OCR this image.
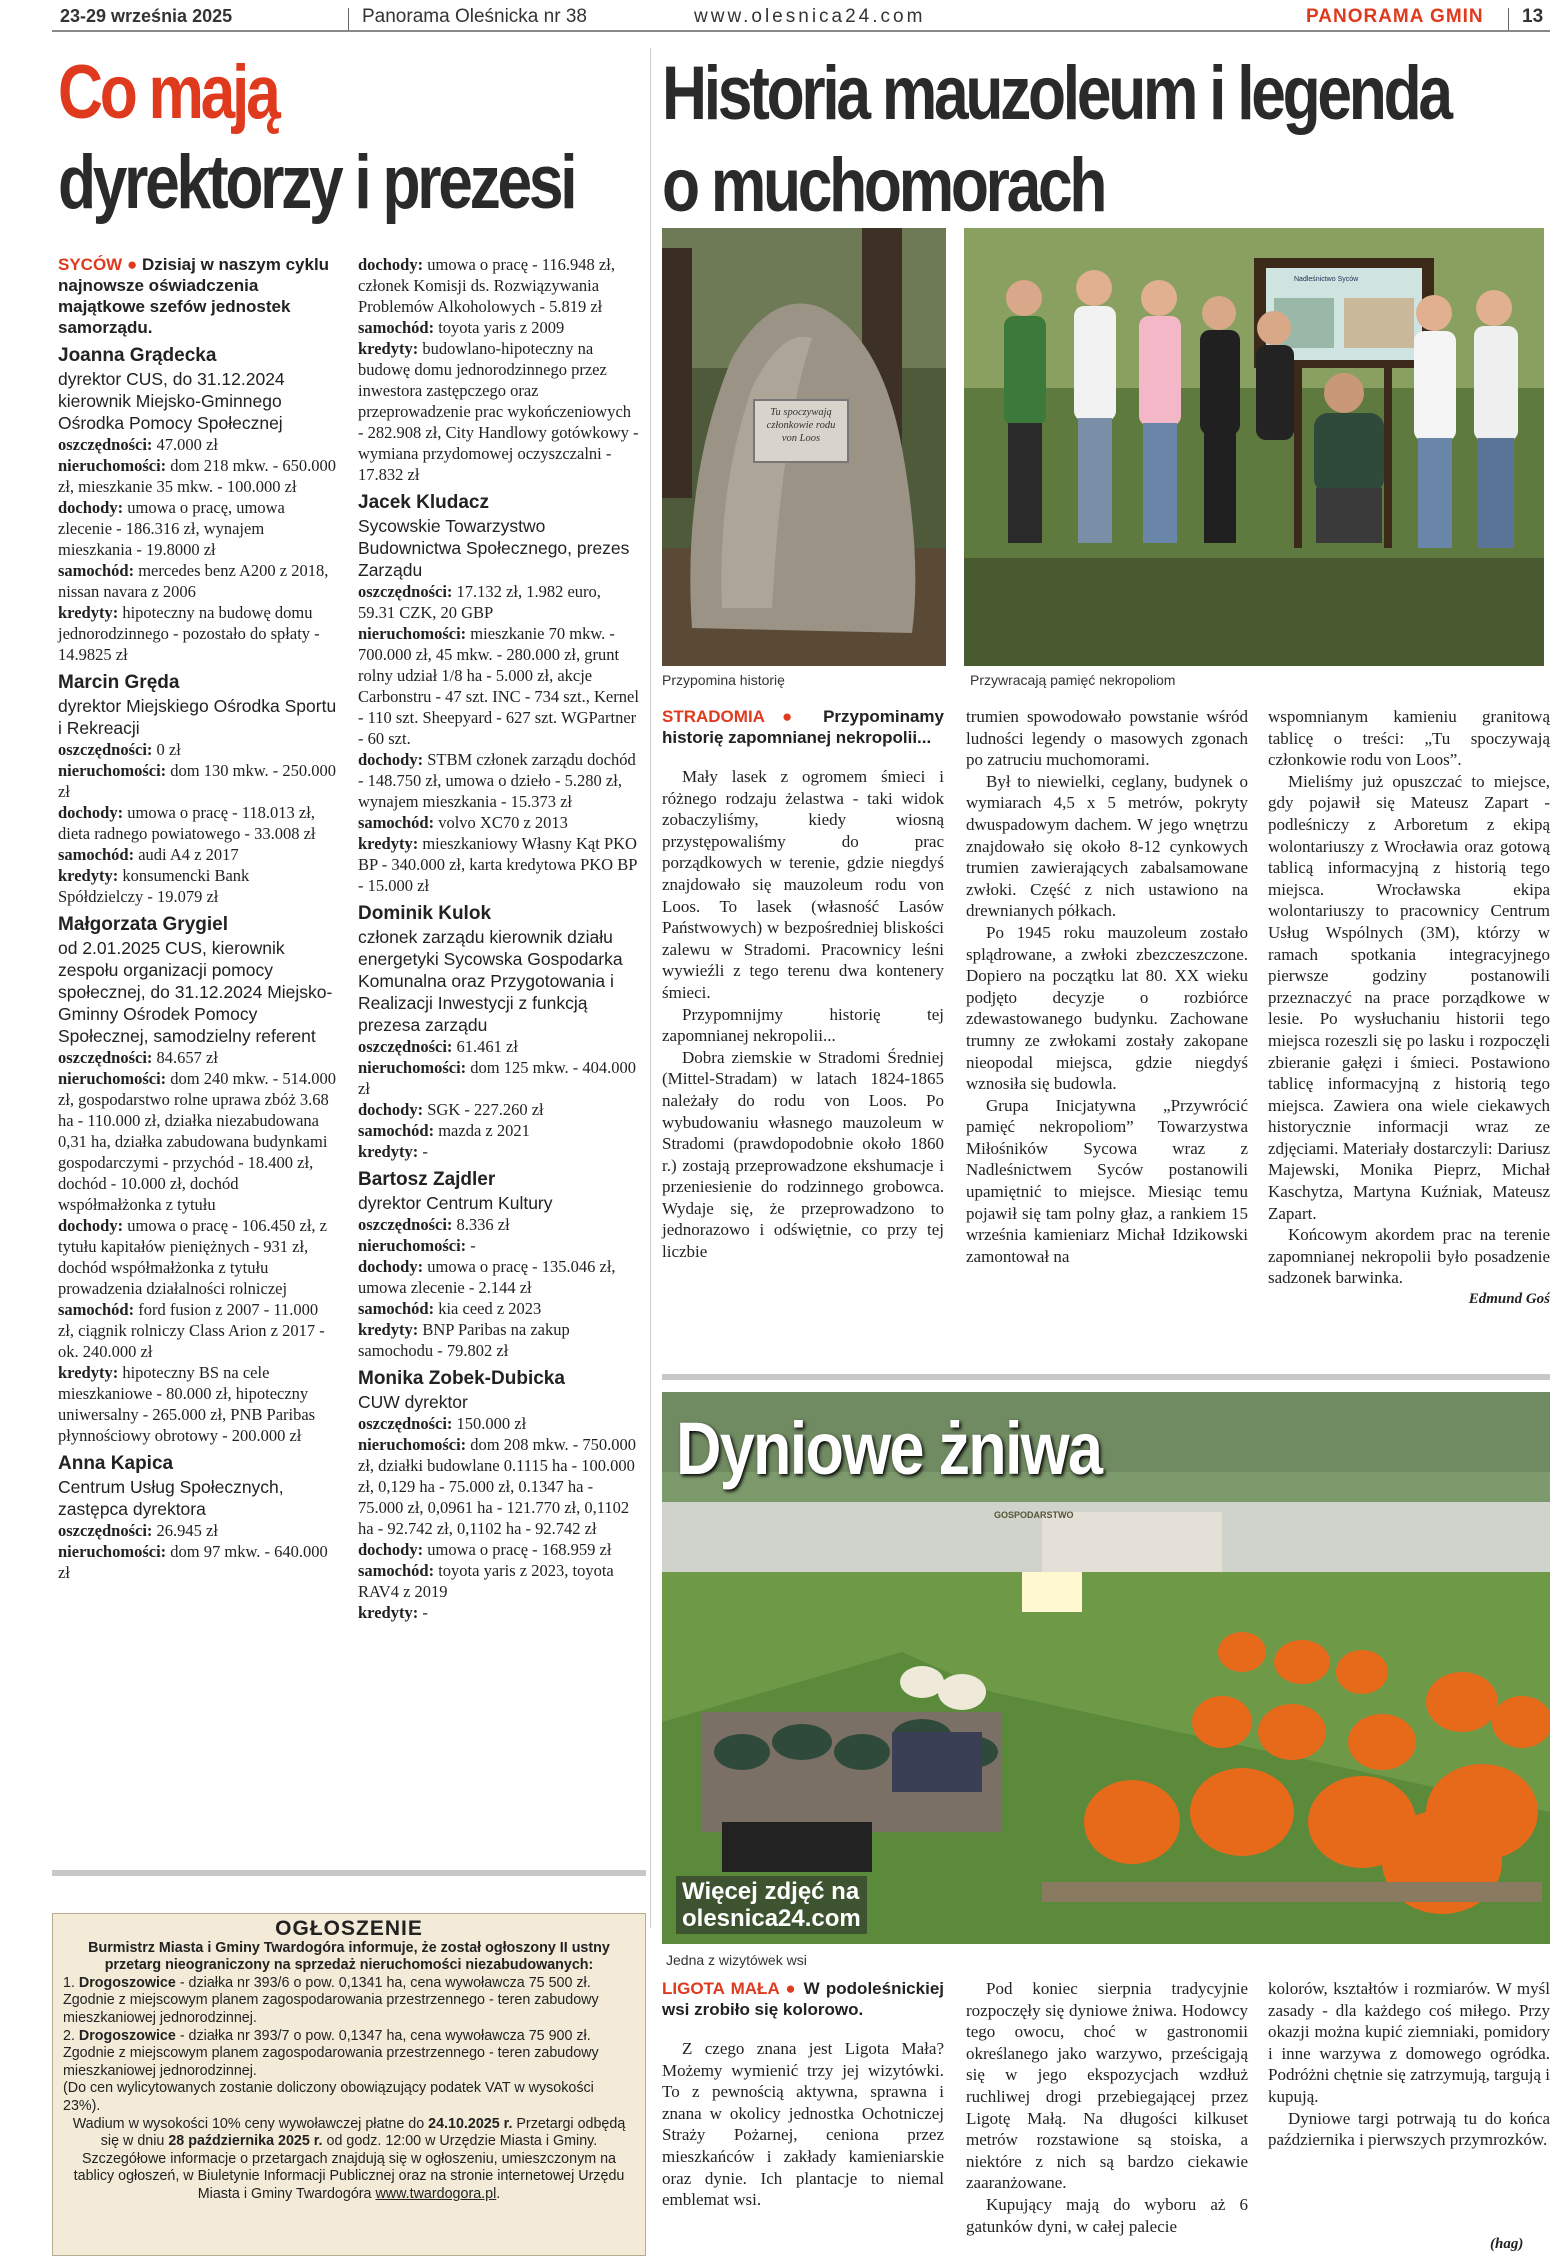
23-29 września 2025	Panorama Oleśnicka nr 38	www.olesnica24.com	PANORAMA GMIN 13
Co mają
dyrektorzy i prezesi
SYCÓW ● Dzisiaj w naszym cyklu najnowsze oświadczenia majątkowe szefów jednostek samorządu.
Joanna Grądecka
dyrektor CUS, do 31.12.2024 kierownik Miejsko-Gminnego Ośrodka Pomocy Społecznej

oszczędności: 47.000 zł

nieruchomości: dom 218 mkw. - 650.000 zł, mieszkanie 35 mkw. - 100.000 zł

dochody: umowa o pracę, umowa zlecenie - 186.316 zł, wynajem mieszkania - 19.8000 zł

samochód: mercedes benz A200 z 2018, nissan navara z 2006

kredyty: hipoteczny na budowę domu jednorodzinnego - pozostało do spłaty - 14.9825 zł

Marcin Gręda
dyrektor Miejskiego Ośrodka Sportu i Rekreacji

oszczędności: 0 zł

nieruchomości: dom 130 mkw. - 250.000 zł

dochody: umowa o pracę - 118.013 zł, dieta radnego powiatowego - 33.008 zł

samochód: audi A4 z 2017

kredyty: konsumencki Bank Spółdzielczy - 19.079 zł

Małgorzata Grygiel
od 2.01.2025 CUS, kierownik zespołu organizacji pomocy społecznej, do 31.12.2024 Miejsko-Gminny Ośrodek Pomocy Społecznej, samodzielny referent

oszczędności: 84.657 zł

nieruchomości: dom 240 mkw. - 514.000 zł, gospodarstwo rolne uprawa zbóż 3.68 ha - 110.000 zł, działka niezabudowana 0,31 ha, działka zabudowana budynkami gospodarczymi - przychód - 18.400 zł, dochód - 10.000 zł, dochód współmałżonka z tytułu

dochody: umowa o pracę - 106.450 zł, z tytułu kapitałów pieniężnych - 931 zł, dochód współmałżonka z tytułu prowadzenia działalności rolniczej

samochód: ford fusion z 2007 - 11.000 zł, ciągnik rolniczy Class Arion z 2017 - ok. 240.000 zł

kredyty: hipoteczny BS na cele mieszkaniowe - 80.000 zł, hipoteczny uniwersalny - 265.000 zł, PNB Paribas płynnościowy obrotowy - 200.000 zł

Anna Kapica
Centrum Usług Społecznych, zastępca dyrektora

oszczędności: 26.945 zł

nieruchomości: dom 97 mkw. - 640.000 zł

dochody: umowa o pracę - 116.948 zł, członek Komisji ds. Rozwiązywania Problemów Alkoholowych - 5.819 zł

samochód: toyota yaris z 2009

kredyty: budowlano-hipoteczny na budowę domu jednorodzinnego przez inwestora zastępczego oraz przeprowadzenie prac wykończeniowych - 282.908 zł, City Handlowy gotówkowy - wymiana przydomowej oczyszczalni - 17.832 zł

Jacek Kludacz
Sycowskie Towarzystwo Budownictwa Społecznego, prezes Zarządu

oszczędności: 17.132 zł, 1.982 euro, 59.31 CZK, 20 GBP

nieruchomości: mieszkanie 70 mkw. - 700.000 zł, 45 mkw. - 280.000 zł, grunt rolny udział 1/8 ha - 5.000 zł, akcje Carbonstru - 47 szt. INC - 734 szt., Kernel - 110 szt. Sheepyard - 627 szt. WGPartner - 60 szt.

dochody: STBM członek zarządu dochód - 148.750 zł, umowa o dzieło - 5.280 zł, wynajem mieszkania - 15.373 zł

samochód: volvo XC70 z 2013

kredyty: mieszkaniowy Własny Kąt PKO BP - 340.000 zł, karta kredytowa PKO BP - 15.000 zł

Dominik Kulok
członek zarządu kierownik działu energetyki Sycowska Gospodarka Komunalna oraz Przygotowania i Realizacji Inwestycji z funkcją prezesa zarządu

oszczędności: 61.461 zł

nieruchomości: dom 125 mkw. - 404.000 zł

dochody: SGK - 227.260 zł

samochód: mazda z 2021

kredyty: -

Bartosz Zajdler
dyrektor Centrum Kultury

oszczędności: 8.336 zł

nieruchomości: -

dochody: umowa o pracę - 135.046 zł, umowa zlecenie - 2.144 zł

samochód: kia ceed z 2023

kredyty: BNP Paribas na zakup samochodu - 79.802 zł

Monika Zobek-Dubicka
CUW dyrektor

oszczędności: 150.000 zł

nieruchomości: dom 208 mkw. - 750.000 zł, działki budowlane 0.1115 ha - 100.000 zł, 0,129 ha - 75.000 zł, 0.1347 ha - 75.000 zł, 0,0961 ha - 121.770 zł, 0,1102 ha - 92.742 zł, 0,1102 ha - 92.742 zł

dochody: umowa o pracę - 168.959 zł

samochód: toyota yaris z 2023, toyota RAV4 z 2019

kredyty: -

OGŁOSZENIE
Burmistrz Miasta i Gminy Twardogóra informuje, że został ogłoszony II ustny przetarg nieograniczony na sprzedaż nieruchomości niezabudowanych:
1. Drogoszowice - działka nr 393/6 o pow. 0,1341 ha, cena wywoławcza 75 500 zł. Zgodnie z miejscowym planem zagospodarowania przestrzennego - teren zabudowy mieszkaniowej jednorodzinnej.
2. Drogoszowice - działka nr 393/7 o pow. 0,1347 ha, cena wywoławcza 75 900 zł. Zgodnie z miejscowym planem zagospodarowania przestrzennego - teren zabudowy mieszkaniowej jednorodzinnej.
(Do cen wylicytowanych zostanie doliczony obowiązujący podatek VAT w wysokości 23%).
Wadium w wysokości 10% ceny wywoławczej płatne do 24.10.2025 r. Przetargi odbędą się w dniu 28 października 2025 r. od godz. 12:00 w Urzędzie Miasta i Gminy.
Szczegółowe informacje o przetargach znajdują się w ogłoszeniu, umieszczonym na tablicy ogłoszeń, w Biuletynie Informacji Publicznej oraz na stronie internetowej Urzędu Miasta i Gminy Twardogóra www.twardogora.pl.
Historia mauzoleum i legenda
o muchomorach
Tu spoczywają członkowie rodu von Loos
Przypomina historię
Nadleśnictwo Syców
Przywracają pamięć nekropoliom
STRADOMIA ● Przypominamy historię zapomnianej nekropolii...

Mały lasek z ogromem śmieci i różnego rodzaju żelastwa - taki widok zobaczyliśmy, kiedy wiosną przystępowaliśmy do prac porządkowych w terenie, gdzie niegdyś znajdowało się mauzoleum rodu von Loos. To lasek (własność Lasów Państwowych) w bezpośredniej bliskości zalewu w Stradomi. Pracownicy leśni wywieźli z tego terenu dwa kontenery śmieci.

Przypomnijmy historię tej zapomnianej nekropolii...

Dobra ziemskie w Stradomi Średniej (Mittel-Stradam) w latach 1824-1865 należały do rodu von Loos. Po wybudowaniu własnego mauzoleum w Stradomi (prawdopodobnie około 1860 r.) zostają przeprowadzone ekshumacje i przeniesienie do rodzinnego grobowca. Wydaje się, że przeprowadzono to jednorazowo i odświętnie, co przy tej liczbie

trumien spowodowało powstanie wśród ludności legendy o masowych zgonach po zatruciu muchomorami.

Był to niewielki, ceglany, budynek o wymiarach 4,5 x 5 metrów, pokryty dwuspadowym dachem. W jego wnętrzu znajdowało się około 8-12 cynkowych trumien zawierających zabalsamowane zwłoki. Część z nich ustawiono na drewnianych półkach.

Po 1945 roku mauzoleum zostało splądrowane, a zwłoki zbezczeszczone. Dopiero na początku lat 80. XX wieku podjęto decyzje o rozbiórce zdewastowanego budynku. Zachowane trumny ze zwłokami zostały zakopane nieopodal miejsca, gdzie niegdyś wznosiła się budowla.

Grupa Inicjatywna „Przywrócić pamięć nekropoliom” Towarzystwa Miłośników Sycowa wraz z Nadleśnictwem Syców postanowili upamiętnić to miejsce. Miesiąc temu pojawił się tam polny głaz, a rankiem 15 września kamieniarz Michał Idzikowski zamontował na

wspomnianym kamieniu granitową tablicę o treści: „Tu spoczywają członkowie rodu von Loos”.

Mieliśmy już opuszczać to miejsce, gdy pojawił się Mateusz Zapart - podleśniczy z Arboretum z ekipą wolontariuszy z Wrocławia oraz gotową tablicą informacyjną z historią tego miejsca. Wrocławska ekipa wolontariuszy to pracownicy Centrum Usług Wspólnych (3M), którzy w ramach spotkania integracyjnego pierwsze godziny postanowili przeznaczyć na prace porządkowe w lesie. Po wysłuchaniu historii tego miejsca rozeszli się po lasku i rozpoczęli zbieranie gałęzi i śmieci. Postawiono tablicę informacyjną z historią tego miejsca. Zawiera ona wiele ciekawych historycznie informacji wraz ze zdjęciami. Materiały dostarczyli: Dariusz Majewski, Monika Pieprz, Michał Kaschytza, Martyna Kuźniak, Mateusz Zapart.

Końcowym akordem prac na terenie zapomnianej nekropolii było posadzenie sadzonek barwinka.

Edmund Goś
Dyniowe żniwa
GOSPODARSTWO
Więcej zdjęć na
olesnica24.com
Jedna z wizytówek wsi
LIGOTA MAŁA ● W podoleśnickiej wsi zrobiło się kolorowo.

Z czego znana jest Ligota Mała? Możemy wymienić trzy jej wizytówki. To z pewnością aktywna, sprawna i znana w okolicy jednostka Ochotniczej Straży Pożarnej, ceniona przez mieszkańców i zakłady kamieniarskie oraz dynie. Ich plantacje to niemal emblemat wsi.

Pod koniec sierpnia tradycyjnie rozpoczęły się dyniowe żniwa. Hodowcy tego owocu, choć w gastronomii określanego jako warzywo, prześcigają się w jego ekspozycjach wzdłuż ruchliwej drogi przebiegającej przez Ligotę Małą. Na długości kilkuset metrów rozstawione są stoiska, a niektóre z nich są bardzo ciekawie zaaranżowane.

Kupujący mają do wyboru aż 6 gatunków dyni, w całej palecie

kolorów, kształtów i rozmiarów. W myśl zasady - dla każdego coś miłego. Przy okazji można kupić ziemniaki, pomidory i inne warzywa z domowego ogródka. Podróżni chętnie się zatrzymują, targują i kupują.

Dyniowe targi potrwają tu do końca października i pierwszych przymrozków.

(hag)
